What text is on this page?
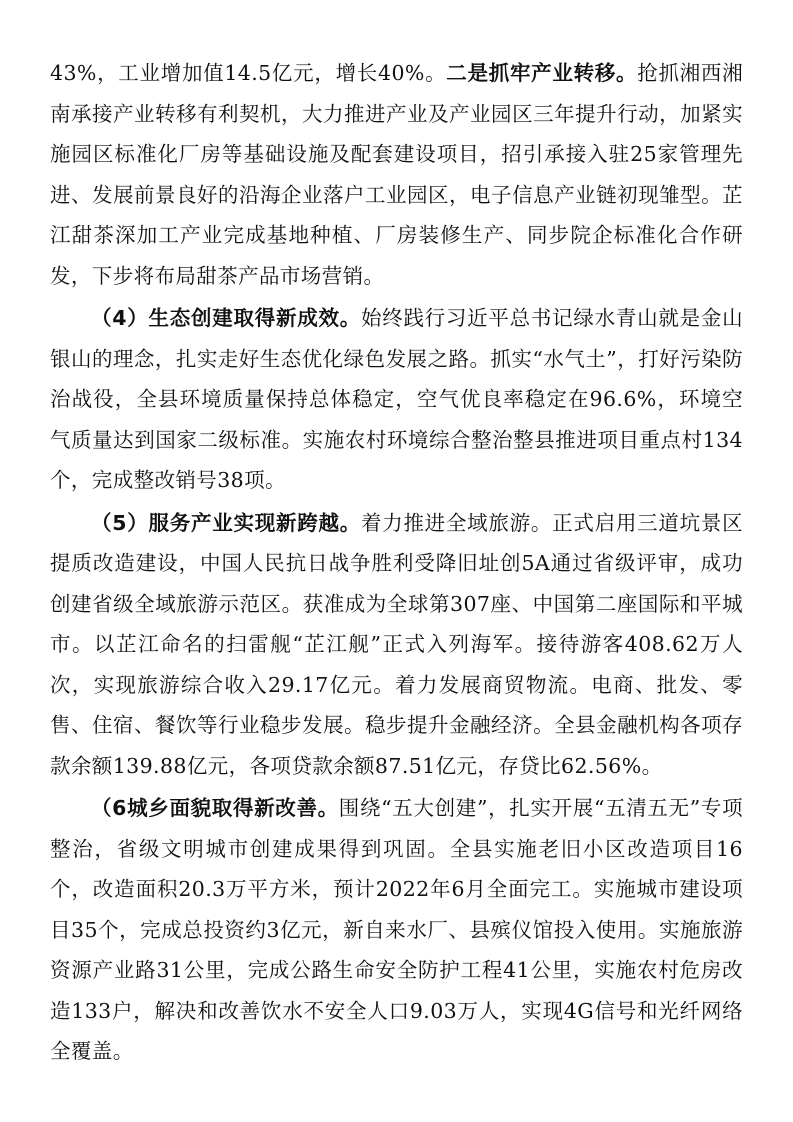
43%，工业增加值14.5亿元，增长40%。二是抓牢产业转移。抢抓湘西湘南承接产业转移有利契机，大力推进产业及产业园区三年提升行动，加紧实施园区标准化厂房等基础设施及配套建设项目，招引承接入驻25家管理先进、发展前景良好的沿海企业落户工业园区，电子信息产业链初现雏型。芷江甜茶深加工产业完成基地种植、厂房装修生产、同步院企标准化合作研发，下步将布局甜茶产品市场营销。

（4）生态创建取得新成效。始终践行习近平总书记绿水青山就是金山银山的理念，扎实走好生态优化绿色发展之路。抓实“水气土”，打好污染防治战役，全县环境质量保持总体稳定，空气优良率稳定在96.6%，环境空气质量达到国家二级标准。实施农村环境综合整治整县推进项目重点村134个，完成整改销号38项。

（5）服务产业实现新跨越。着力推进全域旅游。正式启用三道坑景区提质改造建设，中国人民抗日战争胜利受降旧址创5A通过省级评审，成功创建省级全域旅游示范区。获准成为全球第307座、中国第二座国际和平城市。以芷江命名的扫雷舰“芷江舰”正式入列海军。接待游客408.62万人次，实现旅游综合收入29.17亿元。着力发展商贸物流。电商、批发、零售、住宿、餐饮等行业稳步发展。稳步提升金融经济。全县金融机构各项存款余额139.88亿元，各项贷款余额87.51亿元，存贷比62.56%。

（6城乡面貌取得新改善。围绕“五大创建”，扎实开展“五清五无”专项整治，省级文明城市创建成果得到巩固。全县实施老旧小区改造项目16个，改造面积20.3万平方米，预计2022年6月全面完工。实施城市建设项目35个，完成总投资约3亿元，新自来水厂、县殡仪馆投入使用。实施旅游资源产业路31公里，完成公路生命安全防护工程41公里，实施农村危房改造133户，解决和改善饮水不安全人口9.03万人，实现4G信号和光纤网络全覆盖。
